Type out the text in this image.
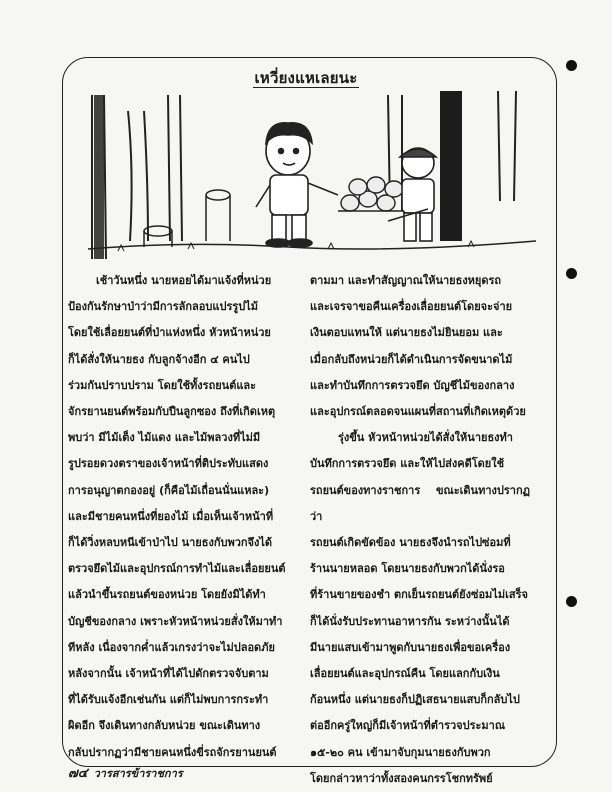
เหวี่ยงแหเลยนะ

เช้าวันหนึ่ง นายหอยได้มาแจ้งที่หน่วย

ป้องกันรักษาป่าว่ามีการลักลอบแปรรูปไม้

โดยใช้เลื่อยยนต์ที่ป่าแห่งหนึ่ง หัวหน้าหน่วย

ก็ได้สั่งให้นายธง กับลูกจ้างอีก ๔ คนไป

ร่วมกันปราบปราม โดยใช้ทั้งรถยนต์และ

จักรยานยนต์พร้อมกับปืนลูกซอง ถึงที่เกิดเหตุ

พบว่า มีไม้เต็ง ไม้แดง และไม้พลวงที่ไม่มี

รูปรอยดวงตราของเจ้าหน้าที่ติประทับแสดง

การอนุญาตกองอยู่ (ก็คือไม้เถื่อนนั่นแหละ)

และมีชายคนหนึ่งที่ยองไม้ เมื่อเห็นเจ้าหน้าที่

ก็ได้วิ่งหลบหนีเข้าป่าไป นายธงกับพวกจึงได้

ตรวจยึดไม้และอุปกรณ์การทำไม้และเลื่อยยนต์

แล้วนำขึ้นรถยนต์ของหน่วย โดยยังมิได้ทำ

บัญชีของกลาง เพราะหัวหน้าหน่วยสั่งให้มาทำ

ทีหลัง เนื่องจากค่ำแล้วเกรงว่าจะไม่ปลอดภัย

หลังจากนั้น เจ้าหน้าที่ได้ไปดักตรวจจับตาม

ที่ได้รับแจ้งอีกเช่นกัน แต่ก็ไม่พบการกระทำ

ผิดอีก จึงเดินทางกลับหน่วย ขณะเดินทาง

กลับปรากฏว่ามีชายคนหนึ่งขี่รถจักรยานยนต์

ตามมา และทำสัญญาณให้นายธงหยุดรถ

และเจรจาขอคืนเครื่องเลื่อยยนต์โดยจะจ่าย

เงินตอบแทนให้ แต่นายธงไม่ยินยอม และ

เมื่อกลับถึงหน่วยก็ได้ดำเนินการจัดขนาดไม้

และทำบันทึกการตรวจยึด บัญชีไม้ของกลาง

และอุปกรณ์ตลอดจนแผนที่สถานที่เกิดเหตุด้วย

รุ่งขึ้น หัวหน้าหน่วยได้สั่งให้นายธงทำ

บันทึกการตรวจยึด และให้ไปส่งคดีโดยใช้

รถยนต์ของทางราชการ ขณะเดินทางปรากฏว่า

รถยนต์เกิดขัดข้อง นายธงจึงนำรถไปซ่อมที่

ร้านนายหลอด โดยนายธงกับพวกได้นั่งรอ

ที่ร้านขายของชำ ตกเย็นรถยนต์ยังซ่อมไม่เสร็จ

ก็ได้นั่งรับประทานอาหารกัน ระหว่างนั้นได้

มีนายแสบเข้ามาพูดกับนายธงเพื่อขอเครื่อง

เลื่อยยนต์และอุปกรณ์คืน โดยแลกกับเงิน

ก้อนหนึ่ง แต่นายธงก็ปฏิเสธนายแสบก็กลับไป

ต่ออีกครู่ใหญ่ก็มีเจ้าหน้าที่ตำรวจประมาณ

๑๕-๒๐ คน เข้ามาจับกุมนายธงกับพวก

โดยกล่าวหาว่าทั้งสองคนกรรโชกทรัพย์

๗๔ วารสารข้าราชการ
